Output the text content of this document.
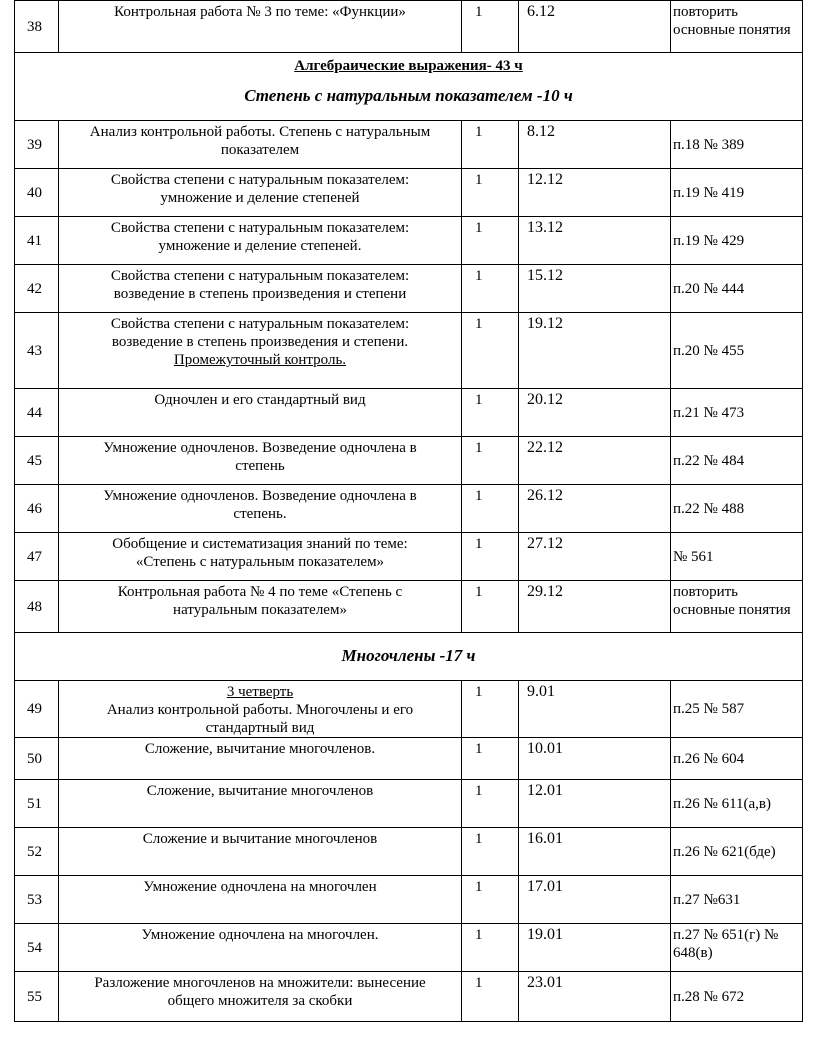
38	Контрольная работа № 3 по теме: «Функции»	1	6.12	повторить
основные понятия

Алгебраические выражения- 43 ч
Степень с натуральным показателем -10 ч				

39	Анализ контрольной работы. Степень с натуральным
показателем	1	8.12	п.18 № 389

40	Свойства степени с натуральным показателем:
умножение и деление степеней	1	12.12	п.19 № 419

41	Свойства степени с натуральным показателем:
умножение и деление степеней.	1	13.12	п.19 № 429

42	Свойства степени с натуральным показателем:
возведение в степень произведения и степени	1	15.12	п.20 № 444

43	Свойства степени с натуральным показателем:
возведение в степень произведения и степени.
Промежуточный контроль.	1	19.12	п.20 № 455

44	Одночлен и его стандартный вид	1	20.12	п.21 № 473

45	Умножение одночленов. Возведение одночлена в
степень	1	22.12	п.22 № 484

46	Умножение одночленов. Возведение одночлена в
степень.	1	26.12	п.22 № 488

47	Обобщение и систематизация знаний по теме:
«Степень с натуральным показателем»	1	27.12	№ 561

48	Контрольная работа № 4 по теме «Степень с
натуральным показателем»	1	29.12	повторить
основные понятия

Многочлены -17 ч				

49	3 четверть
Анализ контрольной работы. Многочлены и его
стандартный вид	1	9.01	п.25 № 587

50	Сложение, вычитание многочленов.	1	10.01	п.26 № 604

51	Сложение, вычитание многочленов	1	12.01	п.26 № 611(а,в)

52	Сложение и вычитание многочленов	1	16.01	п.26 № 621(бде)

53	Умножение одночлена на многочлен	1	17.01	п.27 №631

54	Умножение одночлена на многочлен.	1	19.01	п.27 № 651(г) №
648(в)

55	Разложение многочленов на множители: вынесение
общего множителя за скобки	1	23.01	п.28 № 672
